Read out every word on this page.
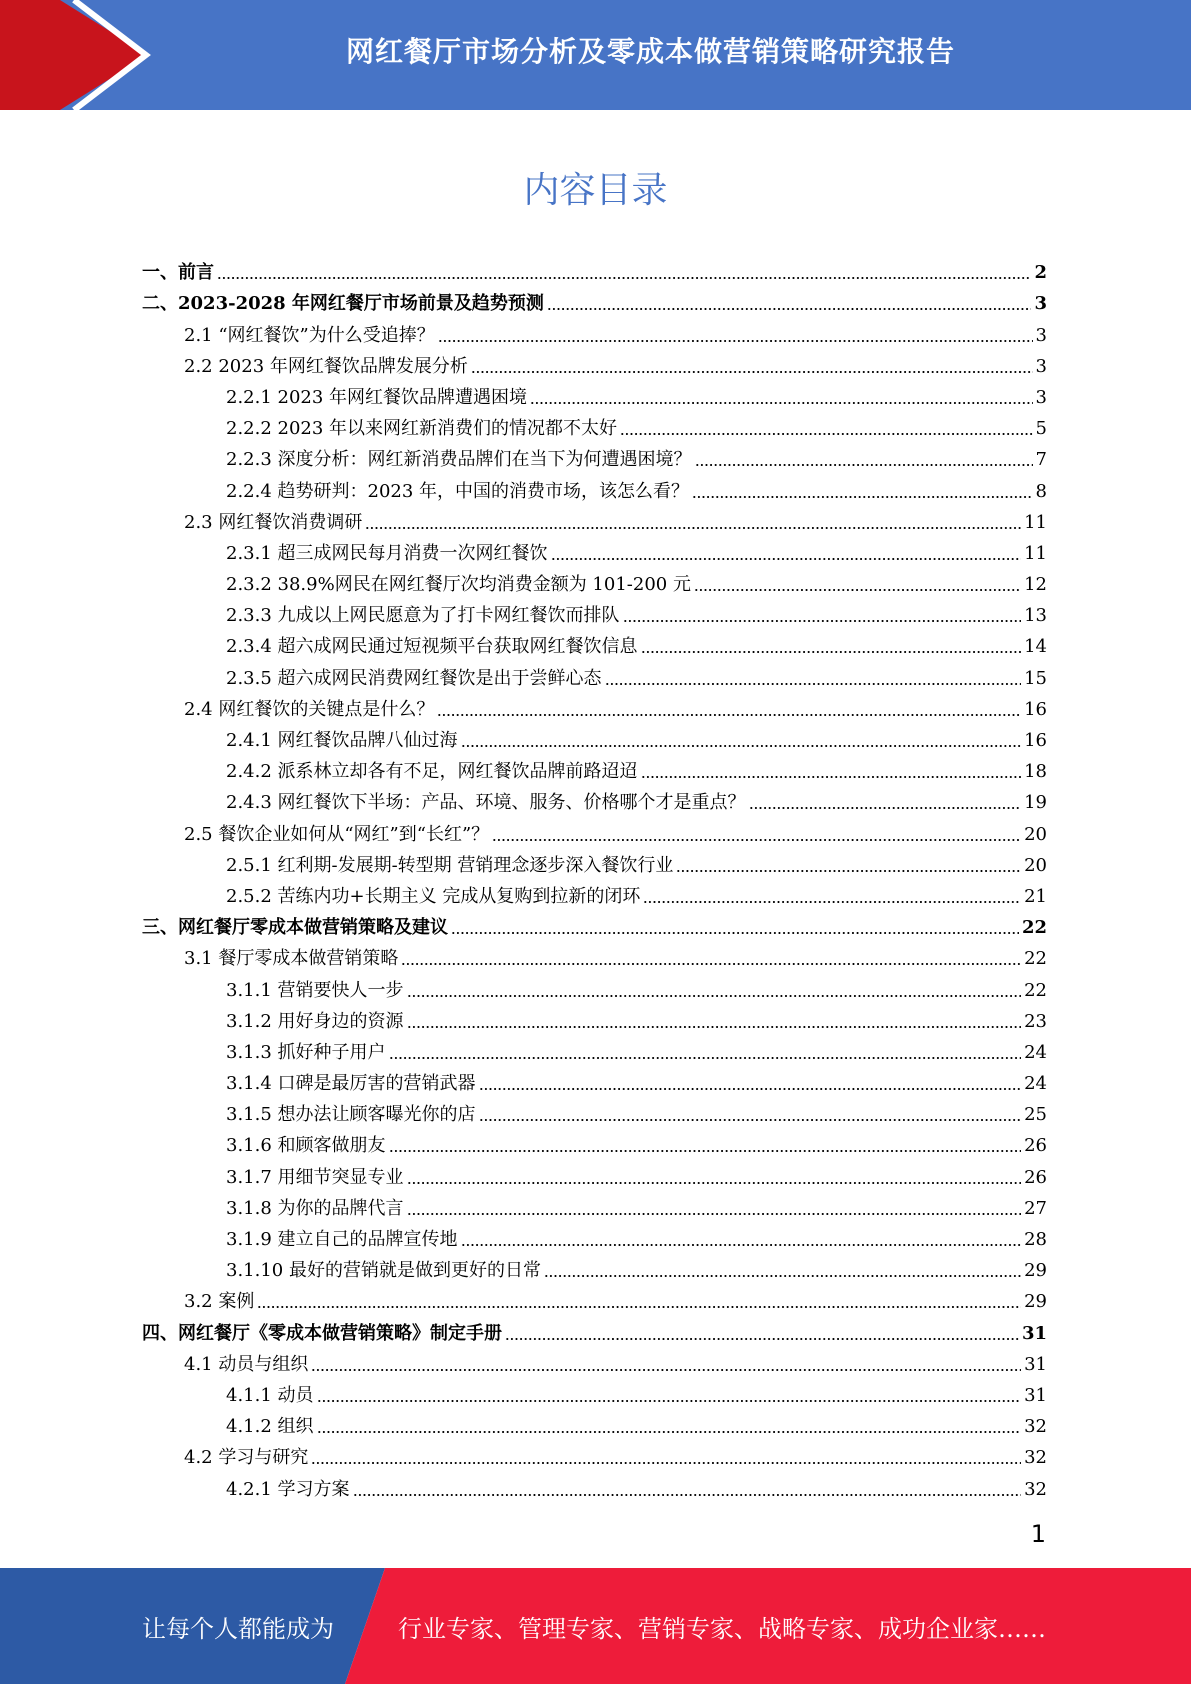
网红餐厅市场分析及零成本做营销策略研究报告
内容目录
一、前言	2
二、2023-2028 年网红餐厅市场前景及趋势预测	3
2.1 “网红餐饮”为什么受追捧？	3
2.2 2023 年网红餐饮品牌发展分析	3
2.2.1 2023 年网红餐饮品牌遭遇困境	3
2.2.2 2023 年以来网红新消费们的情况都不太好	5
2.2.3 深度分析：网红新消费品牌们在当下为何遭遇困境？	7
2.2.4 趋势研判：2023 年，中国的消费市场，该怎么看？	8
2.3 网红餐饮消费调研	11
2.3.1 超三成网民每月消费一次网红餐饮	11
2.3.2 38.9%网民在网红餐厅次均消费金额为 101-200 元	12
2.3.3 九成以上网民愿意为了打卡网红餐饮而排队	13
2.3.4 超六成网民通过短视频平台获取网红餐饮信息	14
2.3.5 超六成网民消费网红餐饮是出于尝鲜心态	15
2.4 网红餐饮的关键点是什么？	16
2.4.1 网红餐饮品牌八仙过海	16
2.4.2 派系林立却各有不足，网红餐饮品牌前路迢迢	18
2.4.3 网红餐饮下半场：产品、环境、服务、价格哪个才是重点？	19
2.5 餐饮企业如何从“网红”到“长红”？	20
2.5.1 红利期-发展期-转型期 营销理念逐步深入餐饮行业	20
2.5.2 苦练内功+长期主义 完成从复购到拉新的闭环	21
三、网红餐厅零成本做营销策略及建议	22
3.1 餐厅零成本做营销策略	22
3.1.1 营销要快人一步	22
3.1.2 用好身边的资源	23
3.1.3 抓好种子用户	24
3.1.4 口碑是最厉害的营销武器	24
3.1.5 想办法让顾客曝光你的店	25
3.1.6 和顾客做朋友	26
3.1.7 用细节突显专业	26
3.1.8 为你的品牌代言	27
3.1.9 建立自己的品牌宣传地	28
3.1.10 最好的营销就是做到更好的日常	29
3.2 案例	29
四、网红餐厅《零成本做营销策略》制定手册	31
4.1 动员与组织	31
4.1.1 动员	31
4.1.2 组织	32
4.2 学习与研究	32
4.2.1 学习方案	32
1
让每个人都能成为	行业专家、管理专家、营销专家、战略专家、成功企业家……
